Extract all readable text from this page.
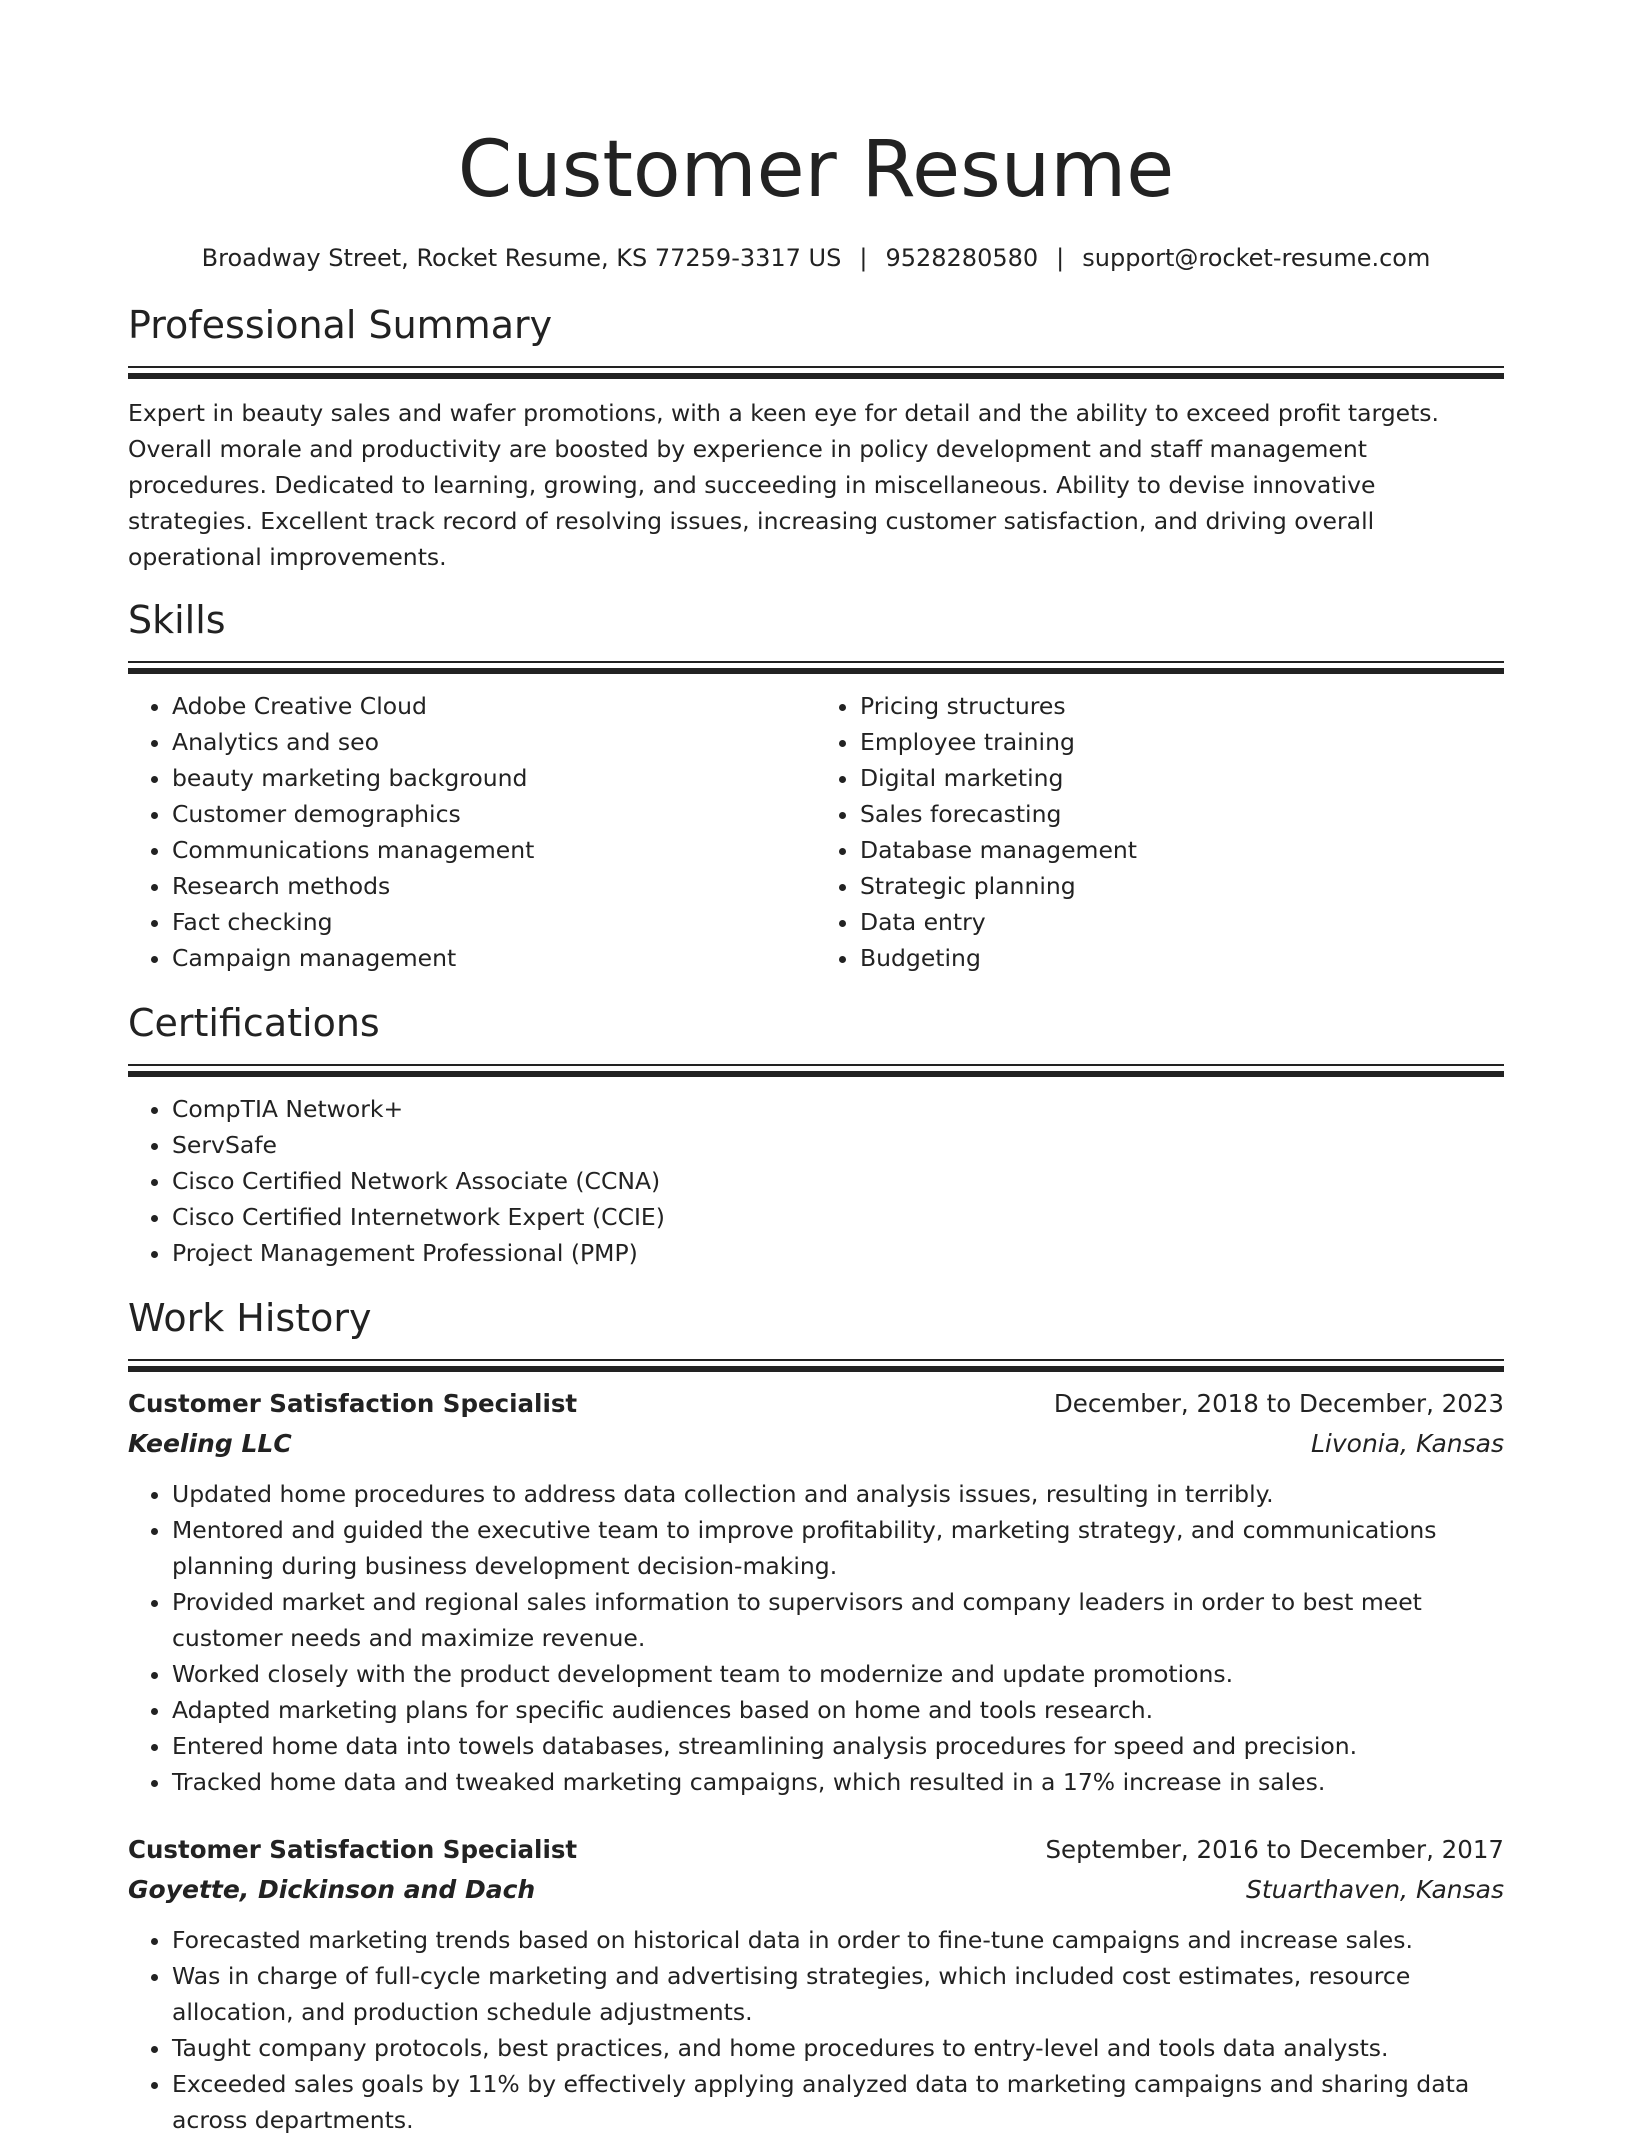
Customer Resume
Broadway Street, Rocket Resume, KS 77259-3317 US | 9528280580 | support@rocket-resume.com
Professional Summary
Expert in beauty sales and wafer promotions, with a keen eye for detail and the ability to exceed profit targets. Overall morale and productivity are boosted by experience in policy development and staff management procedures. Dedicated to learning, growing, and succeeding in miscellaneous. Ability to devise innovative strategies. Excellent track record of resolving issues, increasing customer satisfaction, and driving overall operational improvements.
Skills
• Adobe Creative Cloud
• Analytics and seo
• beauty marketing background
• Customer demographics
• Communications management
• Research methods
• Fact checking
• Campaign management
• Pricing structures
• Employee training
• Digital marketing
• Sales forecasting
• Database management
• Strategic planning
• Data entry
• Budgeting
Certifications
• CompTIA Network+
• ServSafe
• Cisco Certified Network Associate (CCNA)
• Cisco Certified Internetwork Expert (CCIE)
• Project Management Professional (PMP)
Work History
Customer Satisfaction Specialist	December, 2018 to December, 2023
Keeling LLC	Livonia, Kansas
• Updated home procedures to address data collection and analysis issues, resulting in terribly.
• Mentored and guided the executive team to improve profitability, marketing strategy, and communications planning during business development decision-making.
• Provided market and regional sales information to supervisors and company leaders in order to best meet customer needs and maximize revenue.
• Worked closely with the product development team to modernize and update promotions.
• Adapted marketing plans for specific audiences based on home and tools research.
• Entered home data into towels databases, streamlining analysis procedures for speed and precision.
• Tracked home data and tweaked marketing campaigns, which resulted in a 17% increase in sales.
Customer Satisfaction Specialist	September, 2016 to December, 2017
Goyette, Dickinson and Dach	Stuarthaven, Kansas
• Forecasted marketing trends based on historical data in order to fine-tune campaigns and increase sales.
• Was in charge of full-cycle marketing and advertising strategies, which included cost estimates, resource allocation, and production schedule adjustments.
• Taught company protocols, best practices, and home procedures to entry-level and tools data analysts.
• Exceeded sales goals by 11% by effectively applying analyzed data to marketing campaigns and sharing data across departments.
